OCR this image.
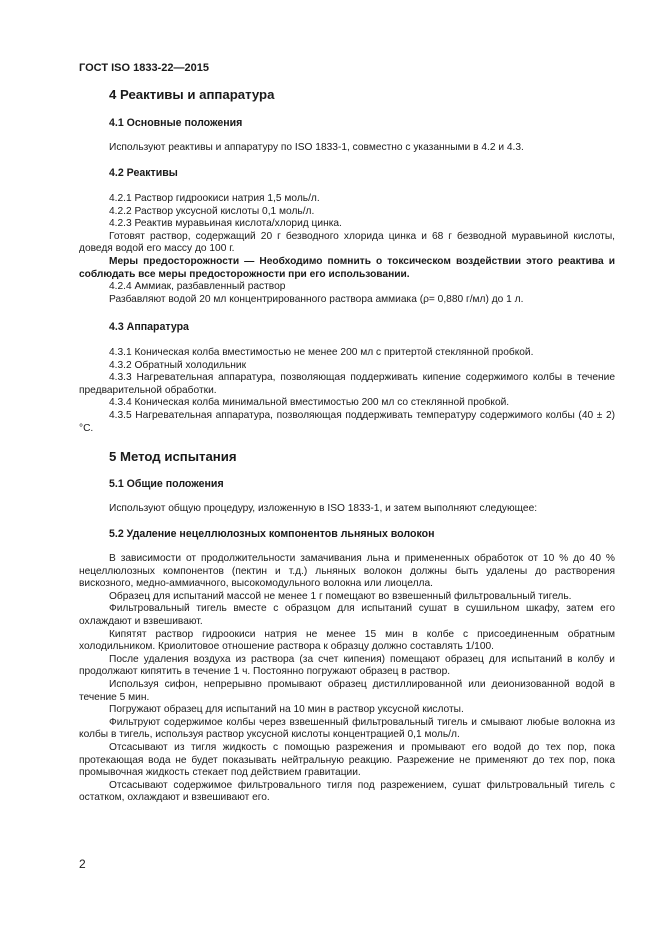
ГОСТ ISO 1833-22—2015
4 Реактивы и аппаратура
4.1 Основные положения

Используют реактивы и аппаратуру по ISO 1833-1, совместно с указанными в 4.2 и 4.3.

4.2 Реактивы

4.2.1 Раствор гидроокиси натрия 1,5 моль/л.

4.2.2 Раствор уксусной кислоты 0,1 моль/л.

4.2.3 Реактив муравьиная кислота/хлорид цинка.

Готовят раствор, содержащий 20 г безводного хлорида цинка и 68 г безводной муравьиной кислоты, доведя водой его массу до 100 г.

Меры предосторожности — Необходимо помнить о токсическом воздействии этого реактива и соблюдать все меры предосторожности при его использовании.

4.2.4 Аммиак, разбавленный раствор

Разбавляют водой 20 мл концентрированного раствора аммиака (ρ= 0,880 г/мл) до 1 л.

4.3 Аппаратура

4.3.1 Коническая колба вместимостью не менее 200 мл с притертой стеклянной пробкой.

4.3.2 Обратный холодильник

4.3.3 Нагревательная аппаратура, позволяющая поддерживать кипение содержимого колбы в течение предварительной обработки.

4.3.4 Коническая колба минимальной вместимостью 200 мл со стеклянной пробкой.

4.3.5 Нагревательная аппаратура, позволяющая поддерживать температуру содержимого колбы (40 ± 2) °С.

5 Метод испытания
5.1 Общие положения

Используют общую процедуру, изложенную в ISO 1833-1, и затем выполняют следующее:

5.2 Удаление нецеллюлозных компонентов льняных волокон

В зависимости от продолжительности замачивания льна и примененных обработок от 10 % до 40 % нецеллюлозных компонентов (пектин и т.д.) льняных волокон должны быть удалены до растворения вискозного, медно-аммиачного, высокомодульного волокна или лиоцелла.

Образец для испытаний массой не менее 1 г помещают во взвешенный фильтровальный тигель.

Фильтровальный тигель вместе с образцом для испытаний сушат в сушильном шкафу, затем его охлаждают и взвешивают.

Кипятят раствор гидроокиси натрия не менее 15 мин в колбе с присоединенным обратным холодильником. Криолитовое отношение раствора к образцу должно составлять 1/100.

После удаления воздуха из раствора (за счет кипения) помещают образец для испытаний в колбу и продолжают кипятить в течение 1 ч. Постоянно погружают образец в раствор.

Используя сифон, непрерывно промывают образец дистиллированной или деионизованной водой в течение 5 мин.

Погружают образец для испытаний на 10 мин в раствор уксусной кислоты.

Фильтруют содержимое колбы через взвешенный фильтровальный тигель и смывают любые волокна из колбы в тигель, используя раствор уксусной кислоты концентрацией 0,1 моль/л.

Отсасывают из тигля жидкость с помощью разрежения и промывают его водой до тех пор, пока протекающая вода не будет показывать нейтральную реакцию. Разрежение не применяют до тех пор, пока промывочная жидкость стекает под действием гравитации.

Отсасывают содержимое фильтровального тигля под разрежением, сушат фильтровальный тигель с остатком, охлаждают и взвешивают его.

2
